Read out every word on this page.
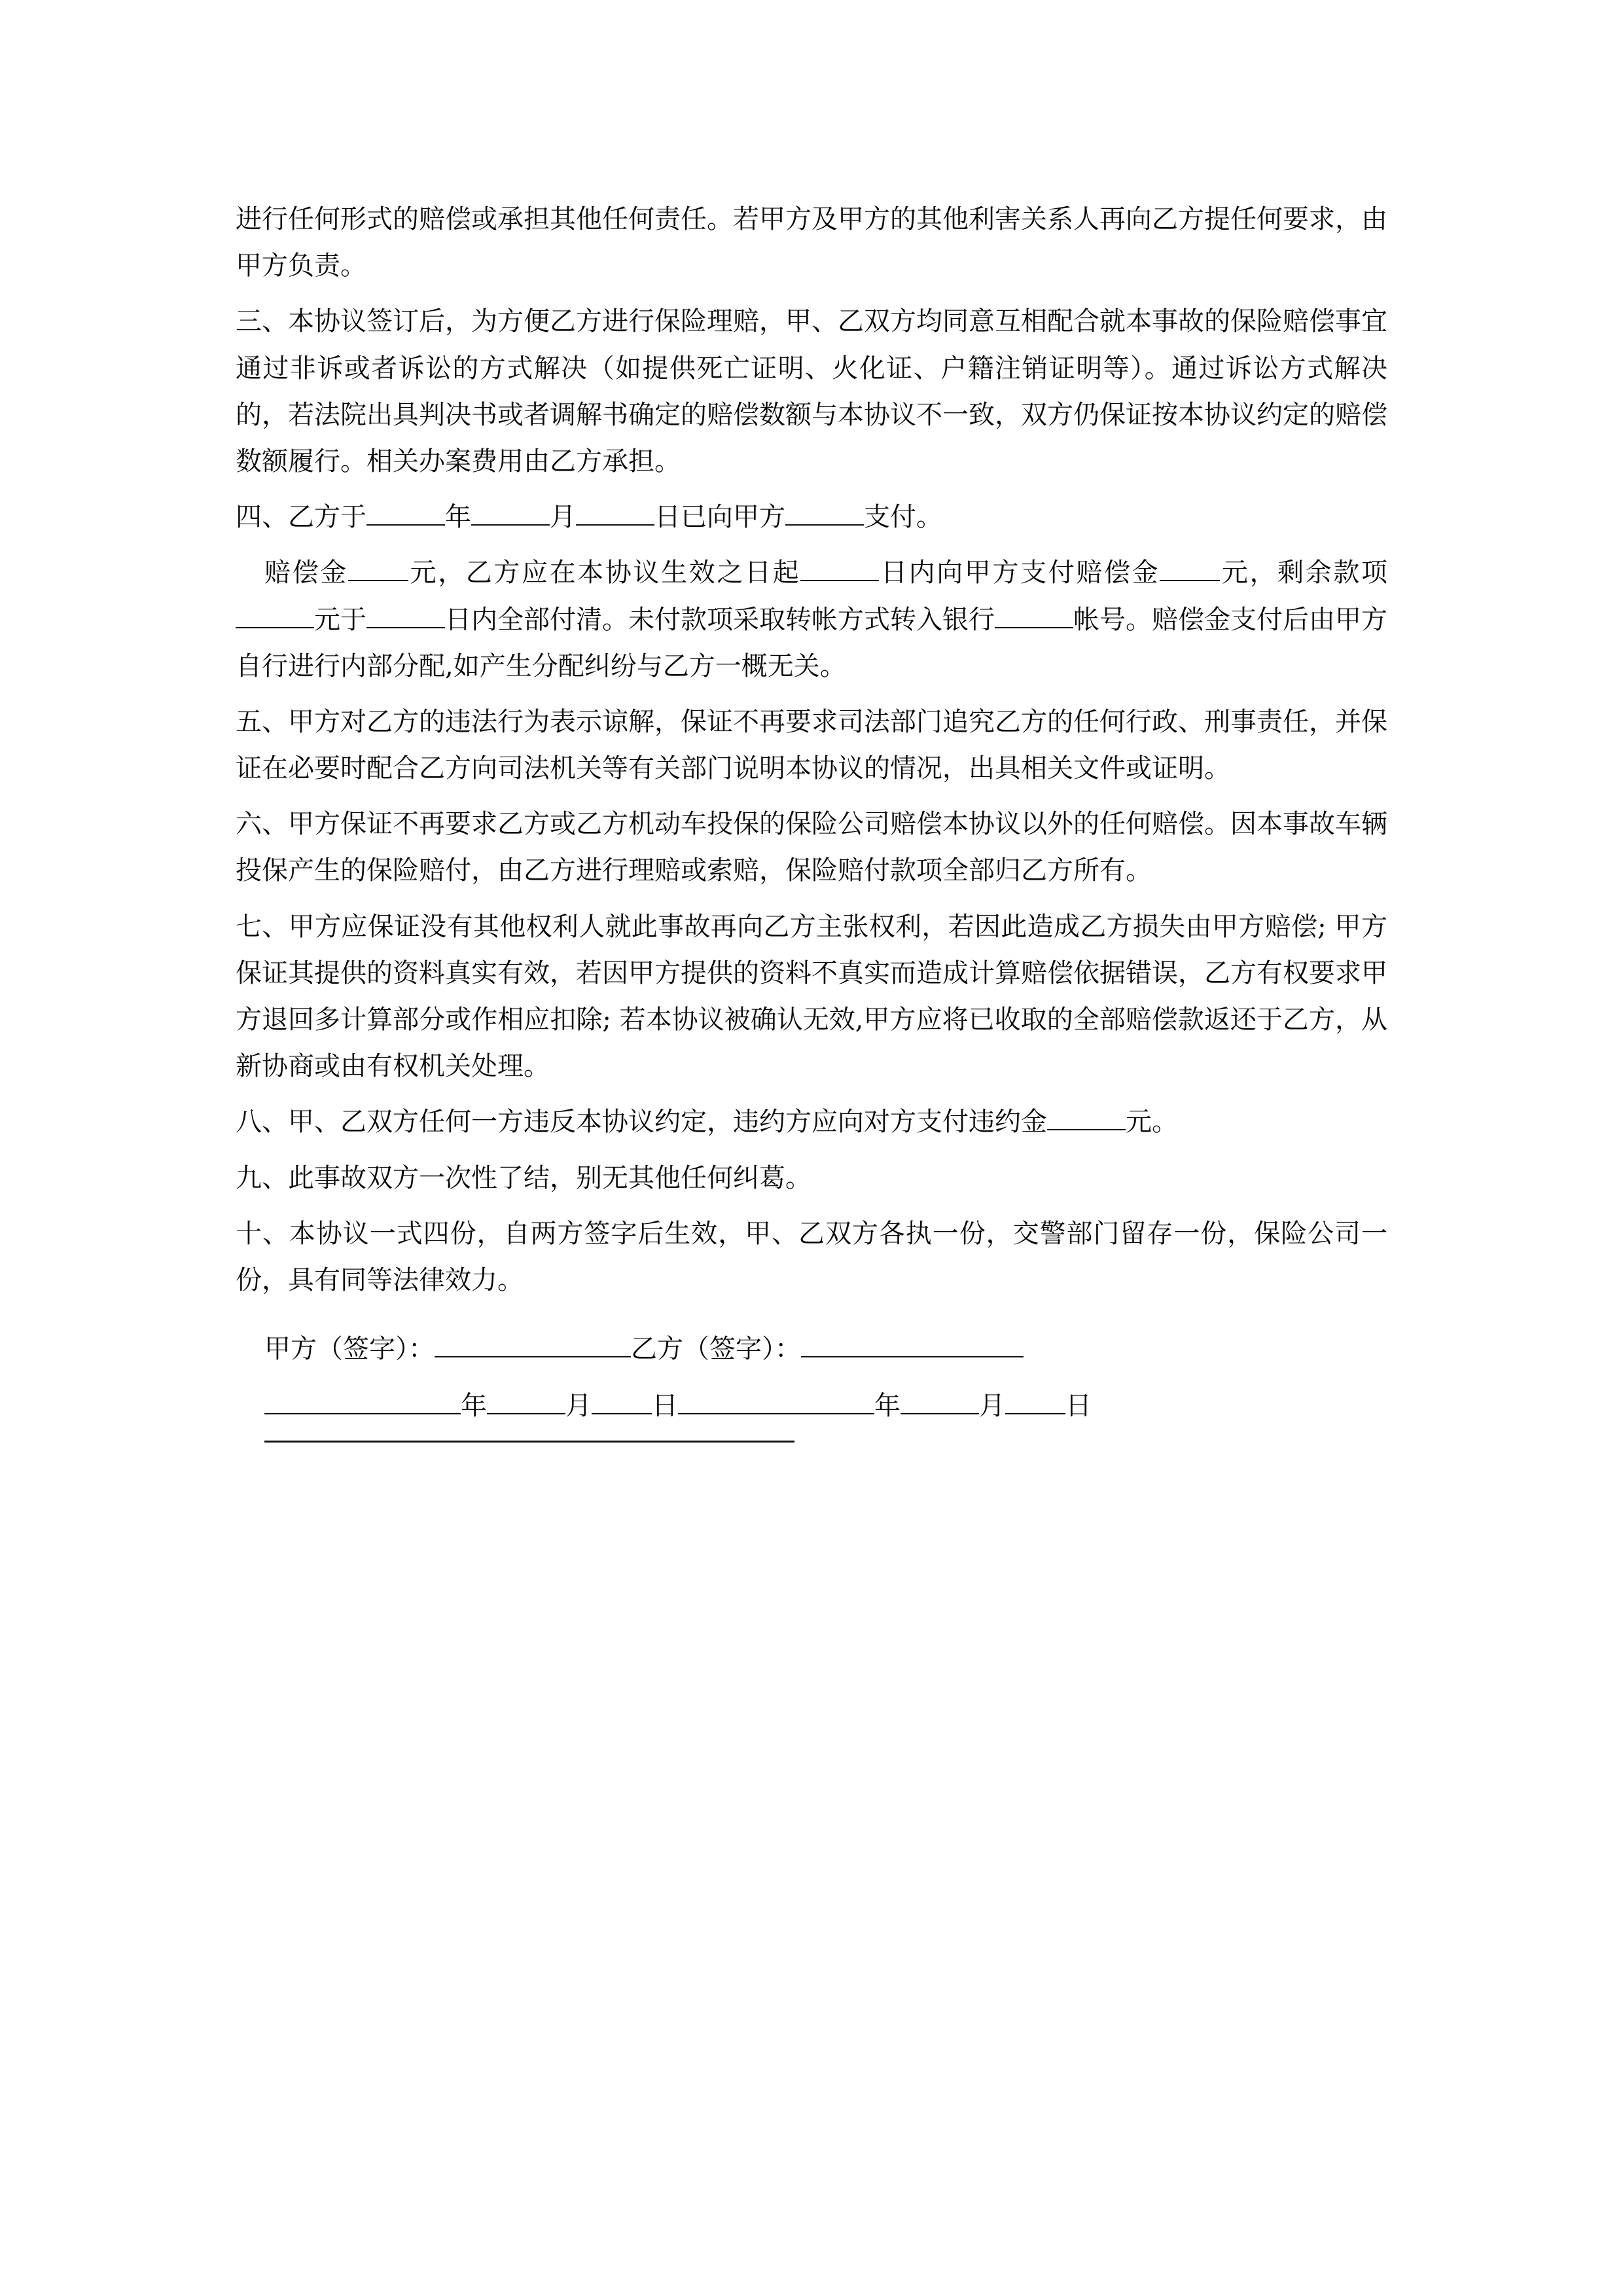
进行任何形式的赔偿或承担其他任何责任。若甲方及甲方的其他利害关系人再向乙方提任何要求，由甲方负责。

三、本协议签订后，为方便乙方进行保险理赔，甲、乙双方均同意互相配合就本事故的保险赔偿事宜通过非诉或者诉讼的方式解决（如提供死亡证明、火化证、户籍注销证明等）。通过诉讼方式解决的，若法院出具判决书或者调解书确定的赔偿数额与本协议不一致，双方仍保证按本协议约定的赔偿数额履行。相关办案费用由乙方承担。

四、乙方于	年	月	日已向甲方	支付。

赔偿金 元，乙方应在本协议生效之日起	日内向甲方支付赔偿金 元，剩余款项元于	日内全部付清。未付款项采取转帐方式转入银行	帐号。赔偿金支付后由甲方自行进行内部分配,如产生分配纠纷与乙方一概无关。

五、甲方对乙方的违法行为表示谅解，保证不再要求司法部门追究乙方的任何行政、刑事责任，并保证在必要时配合乙方向司法机关等有关部门说明本协议的情况，出具相关文件或证明。

六、甲方保证不再要求乙方或乙方机动车投保的保险公司赔偿本协议以外的任何赔偿。因本事故车辆投保产生的保险赔付，由乙方进行理赔或索赔，保险赔付款项全部归乙方所有。

七、甲方应保证没有其他权利人就此事故再向乙方主张权利，若因此造成乙方损失由甲方赔偿; 甲方保证其提供的资料真实有效，若因甲方提供的资料不真实而造成计算赔偿依据错误，乙方有权要求甲方退回多计算部分或作相应扣除; 若本协议被确认无效,甲方应将已收取的全部赔偿款返还于乙方，从新协商或由有权机关处理。

八、甲、乙双方任何一方违反本协议约定，违约方应向对方支付违约金	元。

九、此事故双方一次性了结，别无其他任何纠葛。

十、本协议一式四份，自两方签字后生效，甲、乙双方各执一份，交警部门留存一份，保险公司一份，具有同等法律效力。

甲方（签字）：	乙方（签字）：

年	月 日	年	月 日
